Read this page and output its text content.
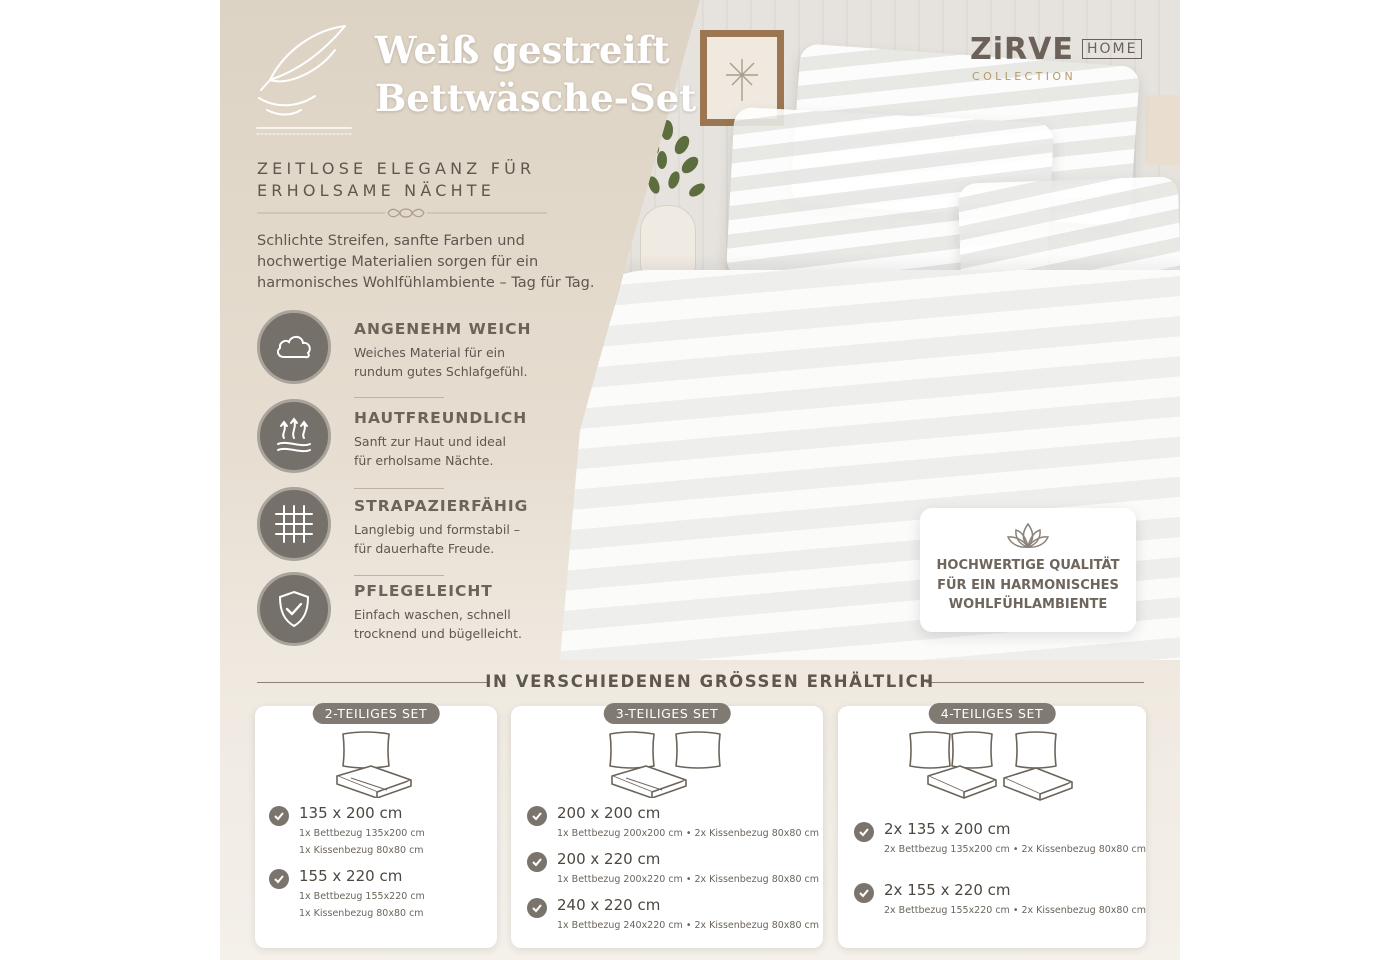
ZiRVE HOME
COLLECTION
HOCHWERTIGE QUALITÄT
FÜR EIN HARMONISCHES
WOHLFÜHLAMBIENTE
Weiß gestreift
Bettwäsche-Set
ZEITLOSE ELEGANZ FÜR
ERHOLSAME NÄCHTE
Schlichte Streifen, sanfte Farben und hochwertige Materialien sorgen für ein harmonisches Wohlfühlambiente – Tag für Tag.
ANGENEHM WEICH
Weiches Material für ein
rundum gutes Schlafgefühl.
HAUTFREUNDLICH
Sanft zur Haut und ideal
für erholsame Nächte.
STRAPAZIERFÄHIG
Langlebig und formstabil –
für dauerhafte Freude.
PFLEGELEICHT
Einfach waschen, schnell
trocknend und bügelleicht.
IN VERSCHIEDENEN GRÖSSEN ERHÄLTLICH
2-TEILIGES SET
135 x 200 cm
1x Bettbezug 135x200 cm
1x Kissenbezug 80x80 cm
155 x 220 cm
1x Bettbezug 155x220 cm
1x Kissenbezug 80x80 cm
3-TEILIGES SET
200 x 200 cm
1x Bettbezug 200x200 cm • 2x Kissenbezug 80x80 cm
200 x 220 cm
1x Bettbezug 200x220 cm • 2x Kissenbezug 80x80 cm
240 x 220 cm
1x Bettbezug 240x220 cm • 2x Kissenbezug 80x80 cm
4-TEILIGES SET
2x 135 x 200 cm
2x Bettbezug 135x200 cm • 2x Kissenbezug 80x80 cm
2x 155 x 220 cm
2x Bettbezug 155x220 cm • 2x Kissenbezug 80x80 cm
